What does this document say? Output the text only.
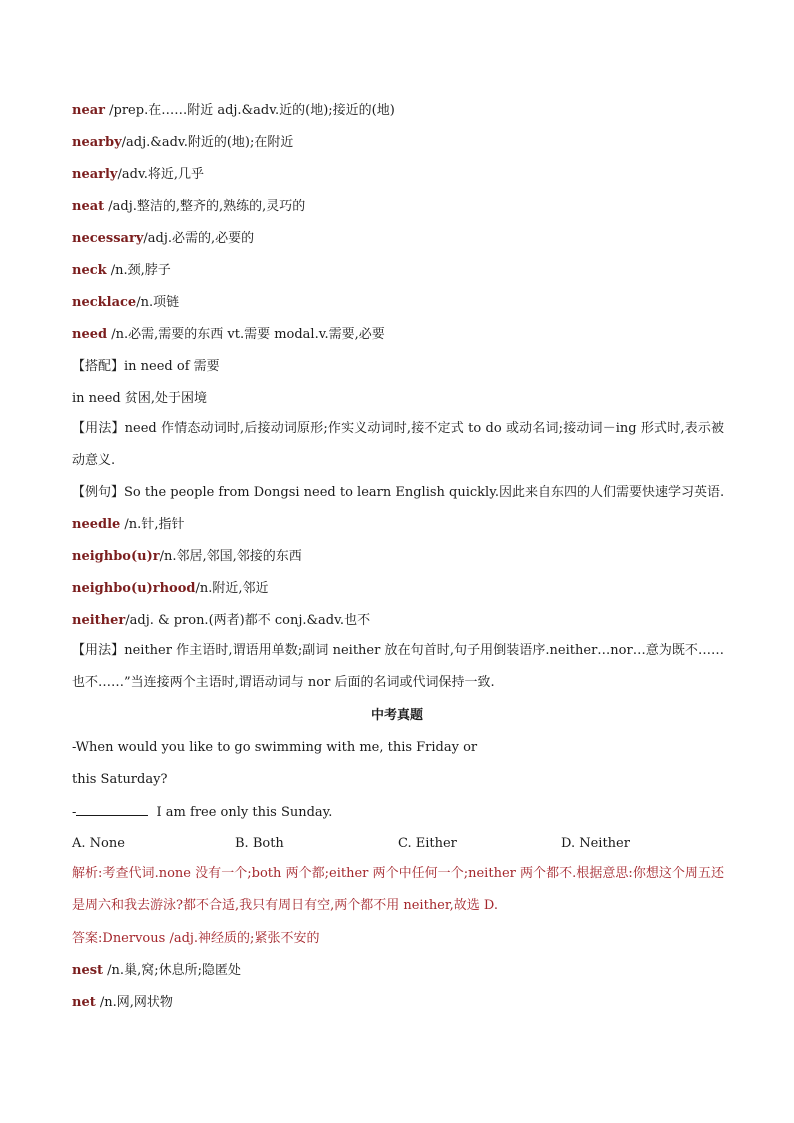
near /prep.在……附近 adj.&adv.近的(地);接近的(地)
nearby/adj.&adv.附近的(地);在附近
nearly/adv.将近,几乎
neat /adj.整洁的,整齐的,熟练的,灵巧的
necessary/adj.必需的,必要的
neck /n.颈,脖子
necklace/n.项链
need /n.必需,需要的东西 vt.需要 modal.v.需要,必要
【搭配】in need of 需要
in need 贫困,处于困境
【用法】need 作情态动词时,后接动词原形;作实义动词时,接不定式 to do 或动名词;接动词－ing 形式时,表示被动意义.
【例句】So the people from Dongsi need to learn English quickly.因此来自东四的人们需要快速学习英语.
needle /n.针,指针
neighbo(u)r/n.邻居,邻国,邻接的东西
neighbo(u)rhood/n.附近,邻近
neither/adj. & pron.(两者)都不 conj.&adv.也不
【用法】neither 作主语时,谓语用单数;副词 neither 放在句首时,句子用倒装语序.neither…nor…意为既不……也不……”当连接两个主语时,谓语动词与 nor 后面的名词或代词保持一致.
中考真题
-When would you like to go swimming with me, this Friday or
this Saturday?
-	I am free only this Sunday.
A. None	B. Both	C. Either	D. Neither
解析:考查代词.none 没有一个;both 两个都;either 两个中任何一个;neither 两个都不.根据意思:你想这个周五还是周六和我去游泳?都不合适,我只有周日有空,两个都不用 neither,故选 D.
答案:Dnervous /adj.神经质的;紧张不安的
nest /n.巢,窝;休息所;隐匿处
net /n.网,网状物
